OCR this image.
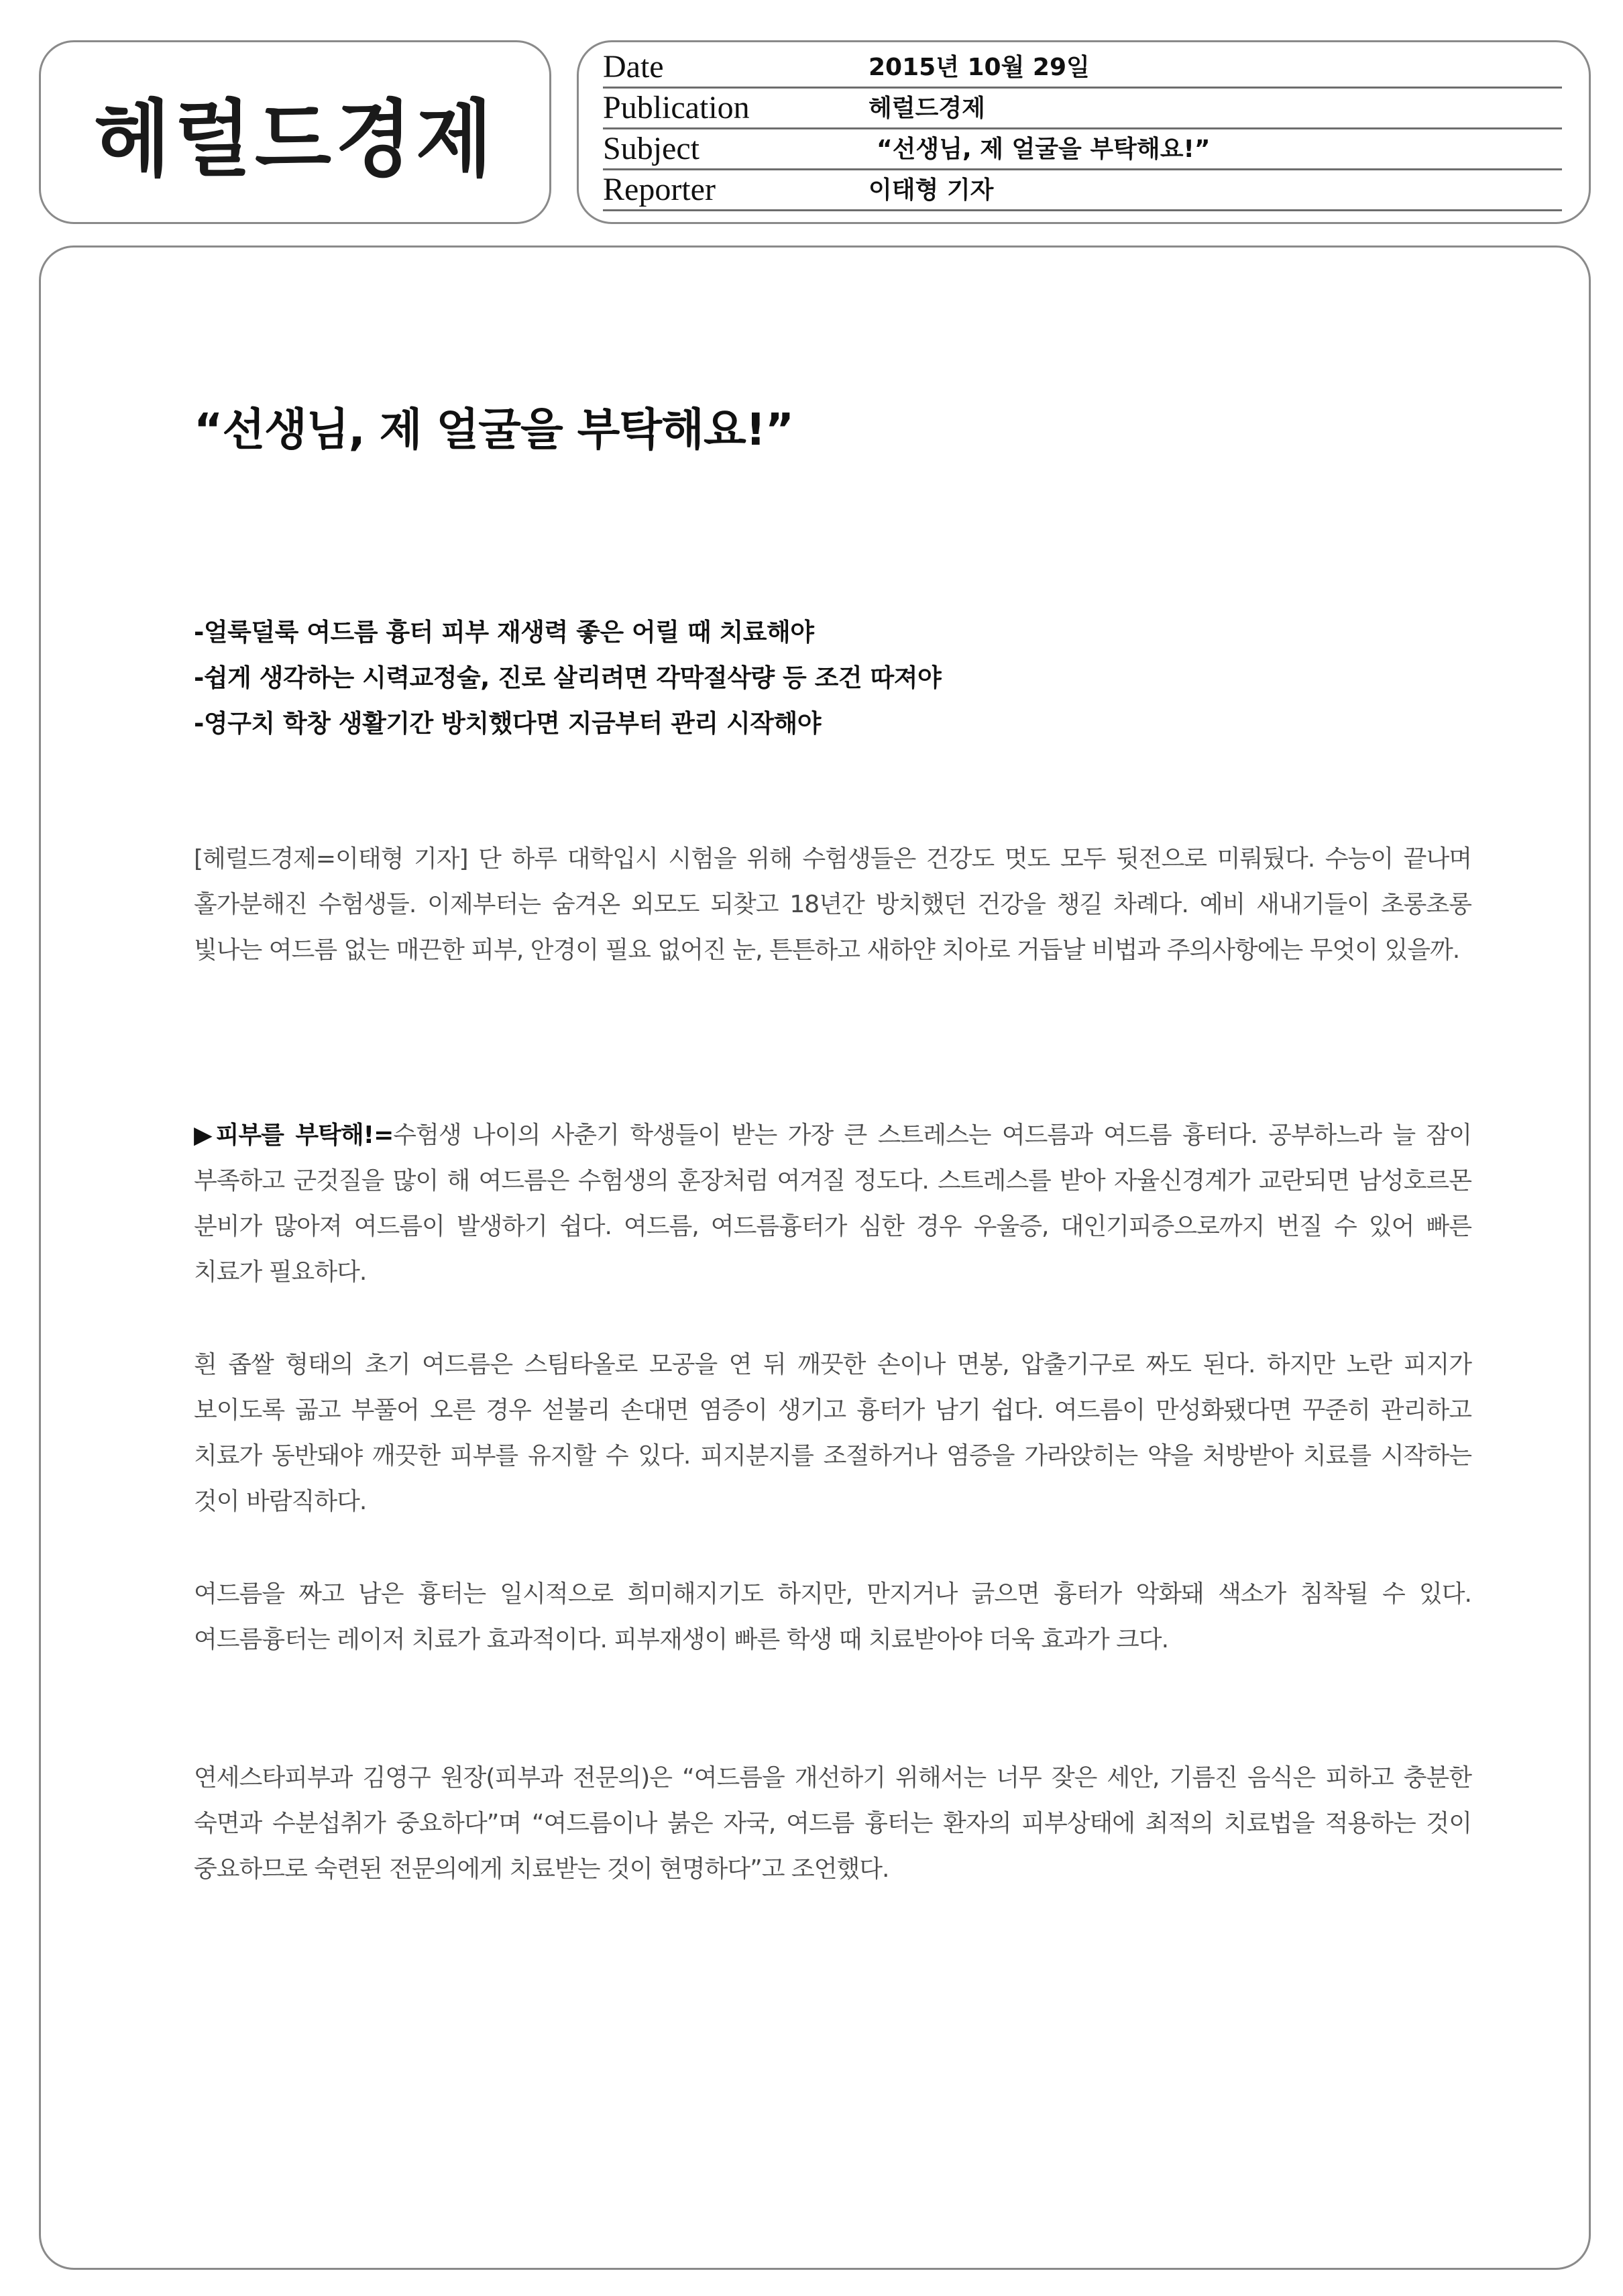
헤럴드경제
Date	2015년 10월 29일
Publication	헤럴드경제
Subject	“선생님, 제 얼굴을 부탁해요!”
Reporter	이태형 기자
“선생님, 제 얼굴을 부탁해요!”
-얼룩덜룩 여드름 흉터 피부 재생력 좋은 어릴 때 치료해야
-쉽게 생각하는 시력교정술, 진로 살리려면 각막절삭량 등 조건 따져야
-영구치 학창 생활기간 방치했다면 지금부터 관리 시작해야

[헤럴드경제=이태형 기자] 단 하루 대학입시 시험을 위해 수험생들은 건강도 멋도 모두 뒷전으로 미뤄뒀다. 수능이 끝나며 홀가분해진 수험생들. 이제부터는 숨겨온 외모도 되찾고 18년간 방치했던 건강을 챙길 차례다. 예비 새내기들이 초롱초롱 빛나는 여드름 없는 매끈한 피부, 안경이 필요 없어진 눈, 튼튼하고 새하얀 치아로 거듭날 비법과 주의사항에는 무엇이 있을까.

▶피부를 부탁해!=수험생 나이의 사춘기 학생들이 받는 가장 큰 스트레스는 여드름과 여드름 흉터다. 공부하느라 늘 잠이 부족하고 군것질을 많이 해 여드름은 수험생의 훈장처럼 여겨질 정도다. 스트레스를 받아 자율신경계가 교란되면 남성호르몬 분비가 많아져 여드름이 발생하기 쉽다. 여드름, 여드름흉터가 심한 경우 우울증, 대인기피증으로까지 번질 수 있어 빠른 치료가 필요하다.

흰 좁쌀 형태의 초기 여드름은 스팀타올로 모공을 연 뒤 깨끗한 손이나 면봉, 압출기구로 짜도 된다. 하지만 노란 피지가 보이도록 곪고 부풀어 오른 경우 섣불리 손대면 염증이 생기고 흉터가 남기 쉽다. 여드름이 만성화됐다면 꾸준히 관리하고 치료가 동반돼야 깨끗한 피부를 유지할 수 있다. 피지분지를 조절하거나 염증을 가라앉히는 약을 처방받아 치료를 시작하는 것이 바람직하다.

여드름을 짜고 남은 흉터는 일시적으로 희미해지기도 하지만, 만지거나 긁으면 흉터가 악화돼 색소가 침착될 수 있다. 여드름흉터는 레이저 치료가 효과적이다. 피부재생이 빠른 학생 때 치료받아야 더욱 효과가 크다.

연세스타피부과 김영구 원장(피부과 전문의)은 “여드름을 개선하기 위해서는 너무 잦은 세안, 기름진 음식은 피하고 충분한 숙면과 수분섭취가 중요하다”며 “여드름이나 붉은 자국, 여드름 흉터는 환자의 피부상태에 최적의 치료법을 적용하는 것이 중요하므로 숙련된 전문의에게 치료받는 것이 현명하다”고 조언했다.
